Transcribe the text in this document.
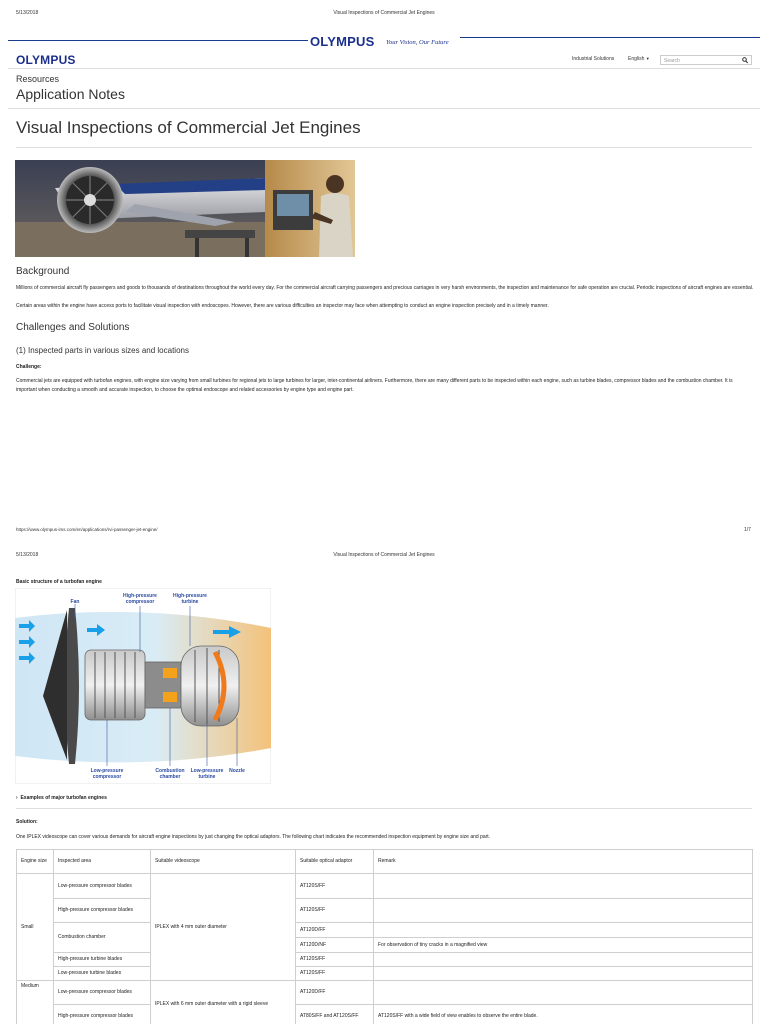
5/13/2018	Visual Inspections of Commercial Jet Engines
OLYMPUS Your Vision, Our Future
OLYMPUS	Industrial Solutions	English ▼	Search
Resources
Application Notes
Visual Inspections of Commercial Jet Engines
Background
Millions of commercial aircraft fly passengers and goods to thousands of destinations throughout the world every day. For the commercial aircraft carrying passengers and precious carriages in very harsh environments, the inspection and maintenance for safe operation are crucial. Periodic inspections of aircraft engines are essential.
Certain areas within the engine have access ports to facilitate visual inspection with endoscopes. However, there are various difficulties an inspector may face when attempting to conduct an engine inspection precisely and in a timely manner.
Challenges and Solutions
(1) Inspected parts in various sizes and locations
Challenge:
Commercial jets are equipped with turbofan engines, with engine size varying from small turbines for regional jets to large turbines for larger, inter-continental airliners. Furthermore, there are many different parts to be inspected within each engine, such as turbine blades, compressor blades and the combustion chamber. It is important when conducting a smooth and accurate inspection, to choose the optimal endoscope and related accessories by engine type and engine part.
https://www.olympus-ims.com/en/applications/rvi-passenger-jet-engine/	1/7
5/13/2018	Visual Inspections of Commercial Jet Engines
Basic structure of a turbofan engine
Fan
High-pressure
compressor
High-pressure
turbine
Low-pressure
compressor
Combustion
chamber
Low-pressure
turbine
Nozzle
› Examples of major turbofan engines
Solution:
One IPLEX videoscope can cover various demands for aircraft engine inspections by just changing the optical adaptors. The following chart indicates the recommended inspection equipment by engine size and part.
Engine size	Inspected area	Suitable videoscope	Suitable optical adaptor	Remark
Small	Low-pressure compressor blades	IPLEX with 4 mm outer diameter	AT120S/FF	
	High-pressure compressor blades		AT120S/FF	
	Combustion chamber		AT120D/FF	
			AT120D/NF	For observation of tiny cracks in a magnified view
	High-pressure turbine blades		AT120S/FF	
	Low-pressure turbine blades		AT120S/FF	
Medium	Low-pressure compressor blades	IPLEX with 6 mm outer diameter with a rigid sleeve	AT120D/FF	
	High-pressure compressor blades		AT80S/FF and AT120S/FF	AT120S/FF with a wide field of view enables to observe the entire blade.
